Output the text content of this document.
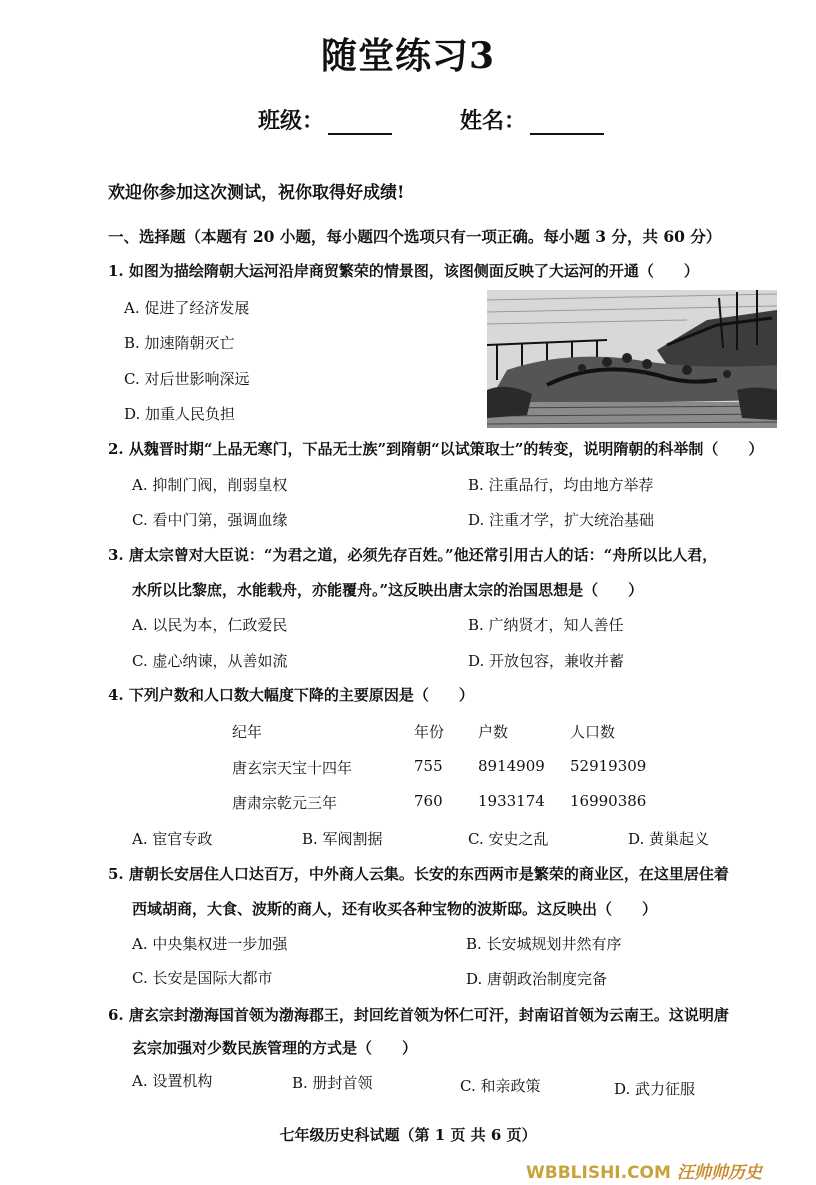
随堂练习3
班级：	姓名：
欢迎你参加这次测试，祝你取得好成绩!
一、选择题（本题有 20 小题，每小题四个选项只有一项正确。每小题 3 分，共 60 分）
1. 如图为描绘隋朝大运河沿岸商贸繁荣的情景图，该图侧面反映了大运河的开通（　　）
A. 促进了经济发展
B. 加速隋朝灭亡
C. 对后世影响深远
D. 加重人民负担
2. 从魏晋时期“上品无寒门，下品无士族”到隋朝“以试策取士”的转变，说明隋朝的科举制（　　）
A. 抑制门阀，削弱皇权	B. 注重品行，均由地方举荐
C. 看中门第，强调血缘	D. 注重才学，扩大统治基础
3. 唐太宗曾对大臣说：“为君之道，必须先存百姓。”他还常引用古人的话：“舟所以比人君，
水所以比黎庶，水能载舟，亦能覆舟。”这反映出唐太宗的治国思想是（　　）
A. 以民为本，仁政爱民	B. 广纳贤才，知人善任
C. 虚心纳谏，从善如流	D. 开放包容，兼收并蓄
4. 下列户数和人口数大幅度下降的主要原因是（　　）
纪年	年份 户数	人口数
唐玄宗天宝十四年	755 8914909 52919309
唐肃宗乾元三年	760 1933174 16990386
A. 宦官专政	B. 军阀割据	C. 安史之乱	D. 黄巢起义
5. 唐朝长安居住人口达百万，中外商人云集。长安的东西两市是繁荣的商业区，在这里居住着
西域胡商，大食、波斯的商人，还有收买各种宝物的波斯邸。这反映出（　　）
A. 中央集权进一步加强	B. 长安城规划井然有序
C. 长安是国际大都市	D. 唐朝政治制度完备
6. 唐玄宗封渤海国首领为渤海郡王，封回纥首领为怀仁可汗，封南诏首领为云南王。这说明唐
玄宗加强对少数民族管理的方式是（　　）
A. 设置机构	B. 册封首领	C. 和亲政策	D. 武力征服
七年级历史科试题（第 1 页 共 6 页）
WBBLISHI.COM 汪帅帅历史
